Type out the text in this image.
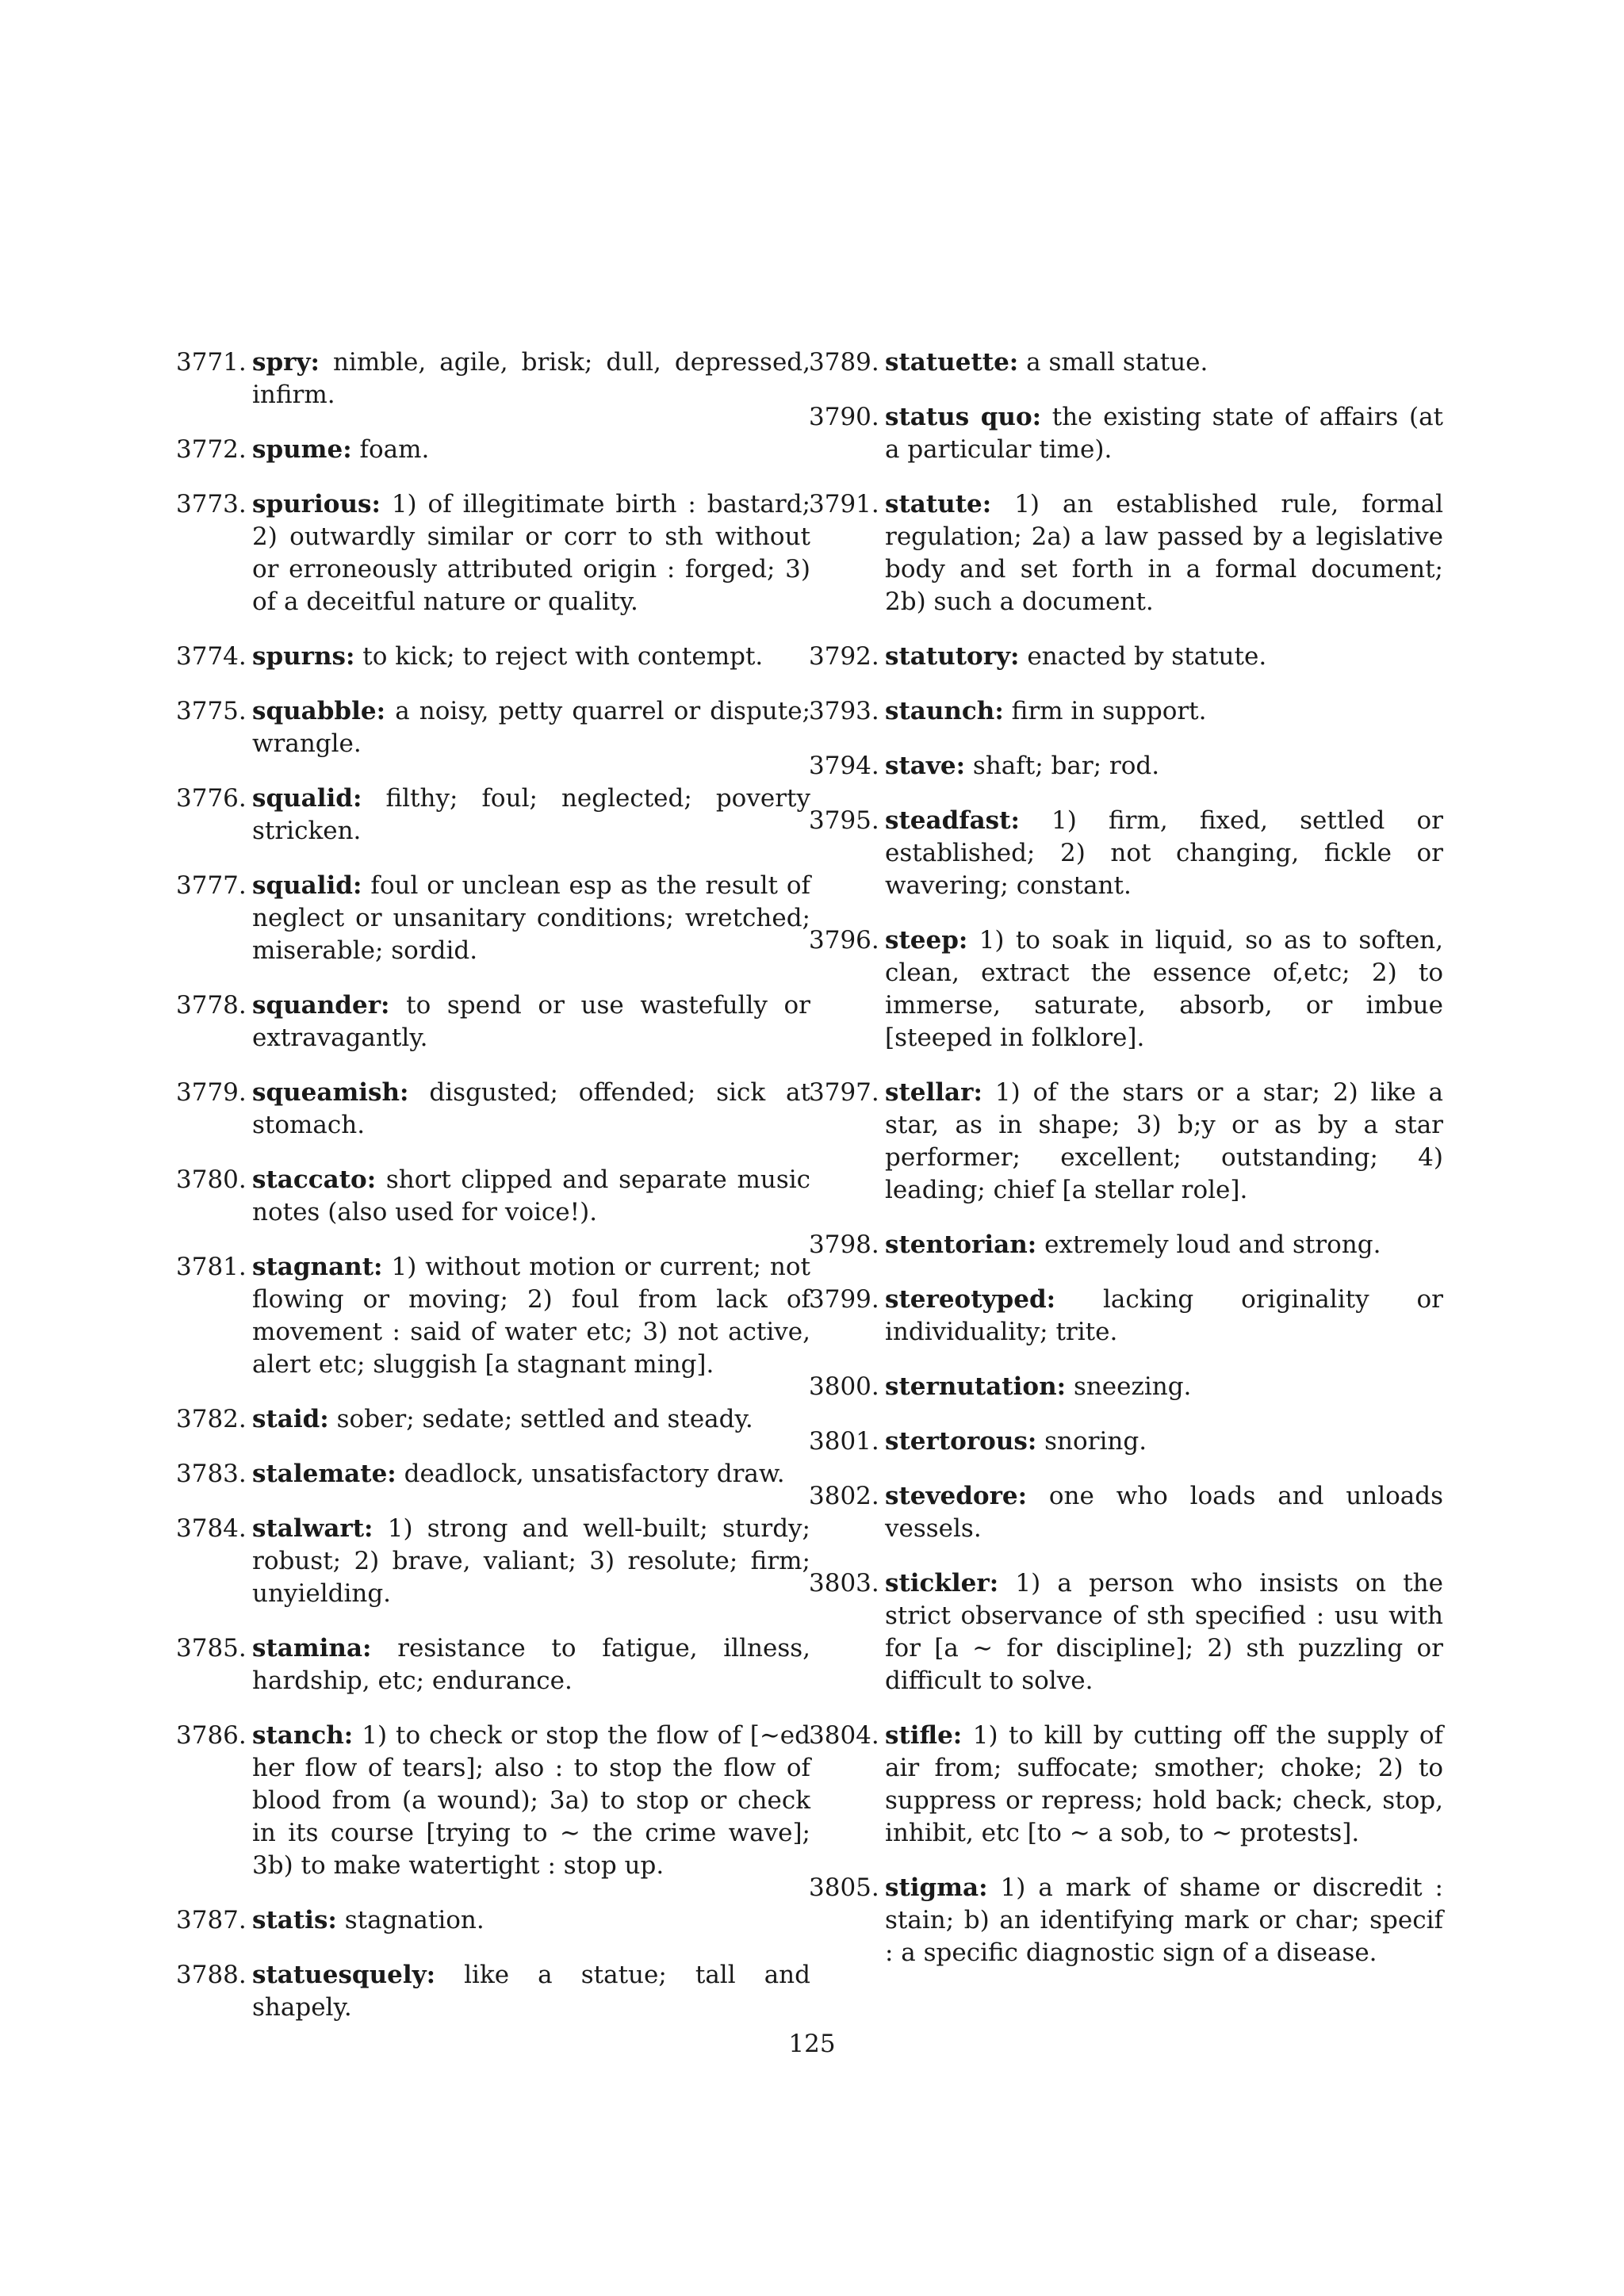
3771. spry: nimble, agile, brisk; dull, depressed, infirm.
3772. spume: foam.
3773. spurious: 1) of illegitimate birth : bastard; 2) outwardly similar or corr to sth without or erroneously attributed origin : forged; 3) of a deceitful nature or quality.
3774. spurns: to kick; to reject with contempt.
3775. squabble: a noisy, petty quarrel or dispute; wrangle.
3776. squalid: filthy; foul; neglected; poverty stricken.
3777. squalid: foul or unclean esp as the result of neglect or unsanitary conditions; wretched; miserable; sordid.
3778. squander: to spend or use wastefully or extravagantly.
3779. squeamish: disgusted; offended; sick at stomach.
3780. staccato: short clipped and separate music notes (also used for voice!).
3781. stagnant: 1) without motion or current; not flowing or moving; 2) foul from lack of movement : said of water etc; 3) not active, alert etc; sluggish [a stagnant ming].
3782. staid: sober; sedate; settled and steady.
3783. stalemate: deadlock, unsatisfactory draw.
3784. stalwart: 1) strong and well-built; sturdy; robust; 2) brave, valiant; 3) resolute; firm; unyielding.
3785. stamina: resistance to fatigue, illness, hardship, etc; endurance.
3786. stanch: 1) to check or stop the flow of [∼ed her flow of tears]; also : to stop the flow of blood from (a wound); 3a) to stop or check in its course [trying to ∼ the crime wave]; 3b) to make watertight : stop up.
3787. statis: stagnation.
3788. statuesquely: like a statue; tall and shapely.
3789. statuette: a small statue.
3790. status quo: the existing state of affairs (at a particular time).
3791. statute: 1) an established rule, formal regulation; 2a) a law passed by a legislative body and set forth in a formal document; 2b) such a document.
3792. statutory: enacted by statute.
3793. staunch: firm in support.
3794. stave: shaft; bar; rod.
3795. steadfast: 1) firm, fixed, settled or established; 2) not changing, fickle or wavering; constant.
3796. steep: 1) to soak in liquid, so as to soften, clean, extract the essence of,etc; 2) to immerse, saturate, absorb, or imbue [steeped in folklore].
3797. stellar: 1) of the stars or a star; 2) like a star, as in shape; 3) b;y or as by a star performer; excellent; outstanding; 4) leading; chief [a stellar role].
3798. stentorian: extremely loud and strong.
3799. stereotyped: lacking originality or individuality; trite.
3800. sternutation: sneezing.
3801. stertorous: snoring.
3802. stevedore: one who loads and unloads vessels.
3803. stickler: 1) a person who insists on the strict observance of sth specified : usu with for [a ∼ for discipline]; 2) sth puzzling or difficult to solve.
3804. stifle: 1) to kill by cutting off the supply of air from; suffocate; smother; choke; 2) to suppress or repress; hold back; check, stop, inhibit, etc [to ∼ a sob, to ∼ protests].
3805. stigma: 1) a mark of shame or discredit : stain; b) an identifying mark or char; specif : a specific diagnostic sign of a disease.
125
